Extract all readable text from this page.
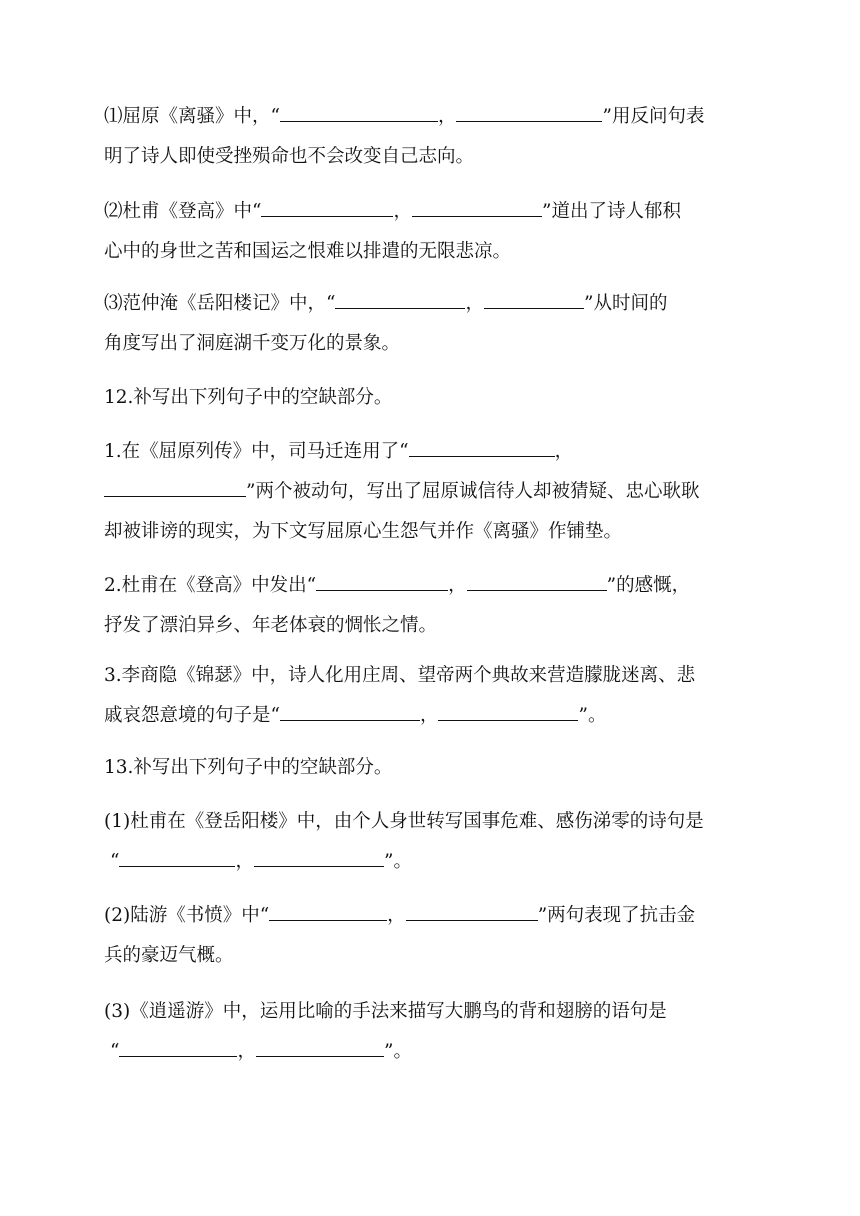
⑴屈原《离骚》中，“	，	”用反问句表
明了诗人即使受挫殒命也不会改变自己志向。
⑵杜甫《登高》中“	，	”道出了诗人郁积
心中的身世之苦和国运之恨难以排遣的无限悲凉。
⑶范仲淹《岳阳楼记》中，“	，	”从时间的
角度写出了洞庭湖千变万化的景象。
12.补写出下列句子中的空缺部分。
1.在《屈原列传》中，司马迁连用了“	，
”两个被动句，写出了屈原诚信待人却被猜疑、忠心耿耿
却被诽谤的现实，为下文写屈原心生怨气并作《离骚》作铺垫。
2.杜甫在《登高》中发出“	，	”的感慨，
抒发了漂泊异乡、年老体衰的惆怅之情。
3.李商隐《锦瑟》中，诗人化用庄周、望帝两个典故来营造朦胧迷离、悲
戚哀怨意境的句子是“	，	”。
13.补写出下列句子中的空缺部分。
(1)杜甫在《登岳阳楼》中，由个人身世转写国事危难、感伤涕零的诗句是
“	，	”。
(2)陆游《书愤》中“	，	”两句表现了抗击金
兵的豪迈气概。
(3)《逍遥游》中，运用比喻的手法来描写大鹏鸟的背和翅膀的语句是
“	，	”。
